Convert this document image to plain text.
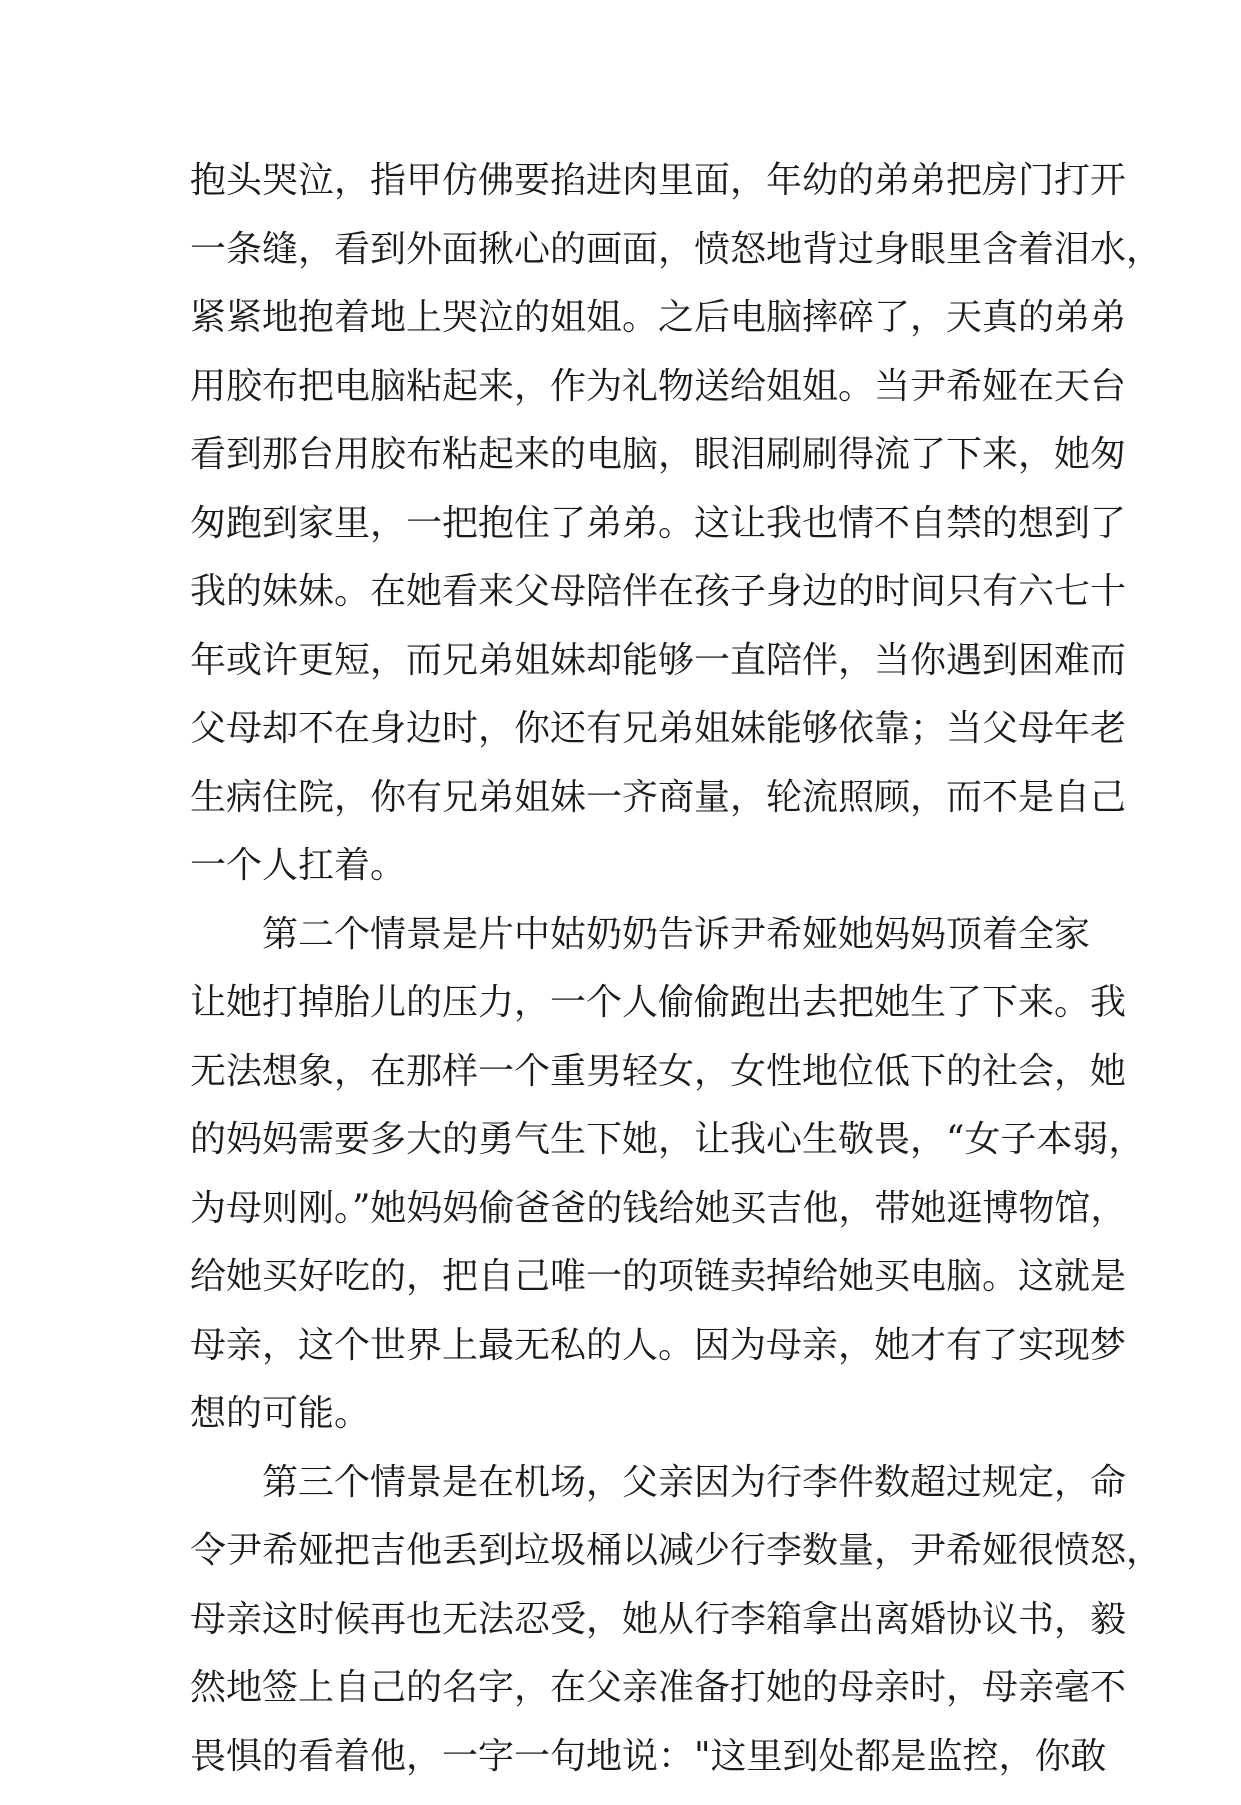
抱头哭泣，指甲仿佛要掐进肉里面，年幼的弟弟把房门打开
一条缝，看到外面揪心的画面，愤怒地背过身眼里含着泪水，
紧紧地抱着地上哭泣的姐姐。之后电脑摔碎了，天真的弟弟
用胶布把电脑粘起来，作为礼物送给姐姐。当尹希娅在天台
看到那台用胶布粘起来的电脑，眼泪刷刷得流了下来，她匆
匆跑到家里，一把抱住了弟弟。这让我也情不自禁的想到了
我的妹妹。在她看来父母陪伴在孩子身边的时间只有六七十
年或许更短，而兄弟姐妹却能够一直陪伴，当你遇到困难而
父母却不在身边时，你还有兄弟姐妹能够依靠；当父母年老
生病住院，你有兄弟姐妹一齐商量，轮流照顾，而不是自己
一个人扛着。
第二个情景是片中姑奶奶告诉尹希娅她妈妈顶着全家
让她打掉胎儿的压力，一个人偷偷跑出去把她生了下来。我
无法想象，在那样一个重男轻女，女性地位低下的社会，她
的妈妈需要多大的勇气生下她，让我心生敬畏，“女子本弱，
为母则刚。”她妈妈偷爸爸的钱给她买吉他，带她逛博物馆，
给她买好吃的，把自己唯一的项链卖掉给她买电脑。这就是
母亲，这个世界上最无私的人。因为母亲，她才有了实现梦
想的可能。
第三个情景是在机场，父亲因为行李件数超过规定，命
令尹希娅把吉他丢到垃圾桶以减少行李数量，尹希娅很愤怒，
母亲这时候再也无法忍受，她从行李箱拿出离婚协议书，毅
然地签上自己的名字，在父亲准备打她的母亲时，母亲毫不
畏惧的看着他，一字一句地说："这里到处都是监控，你敢
